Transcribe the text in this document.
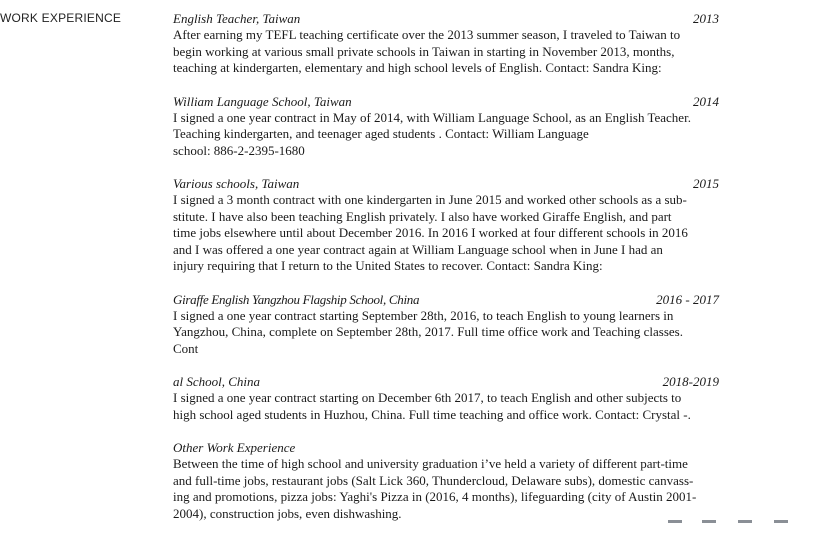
WORK EXPERIENCE	English Teacher, Taiwan	2013
After earning my TEFL teaching certificate over the 2013 summer season, I traveled to Taiwan to
begin working at various small private schools in Taiwan in starting in November 2013, months,
teaching at kindergarten, elementary and high school levels of English. Contact: Sandra King:
William Language School, Taiwan	2014
I signed a one year contract in May of 2014, with William Language School, as an English Teacher.
Teaching kindergarten, and teenager aged students . Contact: William Language
school: 886-2-2395-1680
Various schools, Taiwan	2015
I signed a 3 month contract with one kindergarten in June 2015 and worked other schools as a sub-
stitute. I have also been teaching English privately. I also have worked Giraffe English, and part
time jobs elsewhere until about December 2016. In 2016 I worked at four different schools in 2016
and I was offered a one year contract again at William Language school when in June I had an
injury requiring that I return to the United States to recover. Contact: Sandra King:
Giraffe English Yangzhou Flagship School, China	2016 - 2017
I signed a one year contract starting September 28th, 2016, to teach English to young learners in
Yangzhou, China, complete on September 28th, 2017. Full time office work and Teaching classes.
Cont
al School, China	2018-2019
I signed a one year contract starting on December 6th 2017, to teach English and other subjects to
high school aged students in Huzhou, China. Full time teaching and office work. Contact: Crystal -.
Other Work Experience
Between the time of high school and university graduation i’ve held a variety of different part-time
and full-time jobs, restaurant jobs (Salt Lick 360, Thundercloud, Delaware subs), domestic canvass-
ing and promotions, pizza jobs: Yaghi's Pizza in (2016, 4 months), lifeguarding (city of Austin 2001-
2004), construction jobs, even dishwashing.
